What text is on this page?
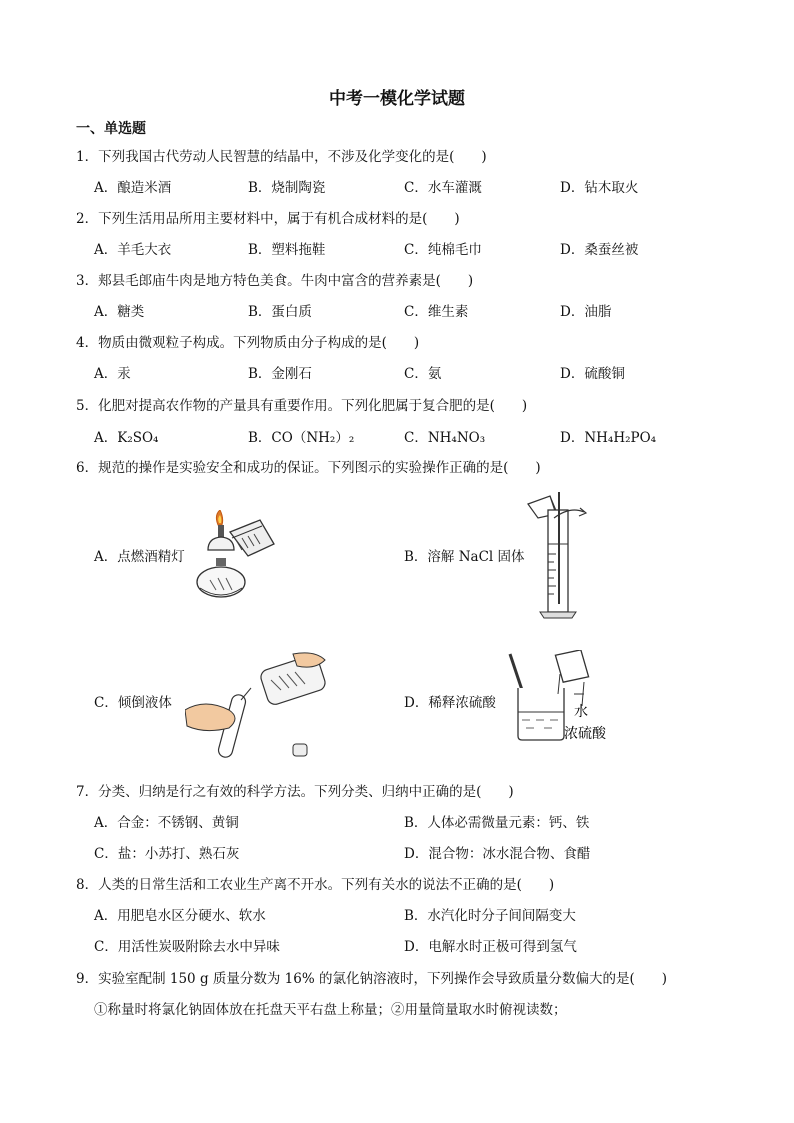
中考一模化学试题
一、单选题
1．下列我国古代劳动人民智慧的结晶中，不涉及化学变化的是(　　)
A．酿造米酒	B．烧制陶瓷	C．水车灌溉	D．钻木取火
2．下列生活用品所用主要材料中，属于有机合成材料的是(　　)
A．羊毛大衣	B．塑料拖鞋	C．纯棉毛巾	D．桑蚕丝被
3．郏县毛郎庙牛肉是地方特色美食。牛肉中富含的营养素是(　　)
A．糖类	B．蛋白质	C．维生素	D．油脂
4．物质由微观粒子构成。下列物质由分子构成的是(　　)
A．汞	B．金刚石	C．氨	D．硫酸铜
5．化肥对提高农作物的产量具有重要作用。下列化肥属于复合肥的是(　　)
A．K₂SO₄	B．CO（NH₂）₂	C．NH₄NO₃	D．NH₄H₂PO₄
6．规范的操作是实验安全和成功的保证。下列图示的实验操作正确的是(　　)
A．点燃酒精灯	B．溶解 NaCl 固体
C．倾倒液体	D．稀释浓硫酸
水
浓硫酸
7．分类、归纳是行之有效的科学方法。下列分类、归纳中正确的是(　　)
A．合金：不锈钢、黄铜	B．人体必需微量元素：钙、铁
C．盐：小苏打、熟石灰	D．混合物：冰水混合物、食醋
8．人类的日常生活和工农业生产离不开水。下列有关水的说法不正确的是(　　)
A．用肥皂水区分硬水、软水	B．水汽化时分子间间隔变大
C．用活性炭吸附除去水中异味	D．电解水时正极可得到氢气
9．实验室配制 150 g 质量分数为 16% 的氯化钠溶液时，下列操作会导致质量分数偏大的是(　　)
①称量时将氯化钠固体放在托盘天平右盘上称量；②用量筒量取水时俯视读数；
